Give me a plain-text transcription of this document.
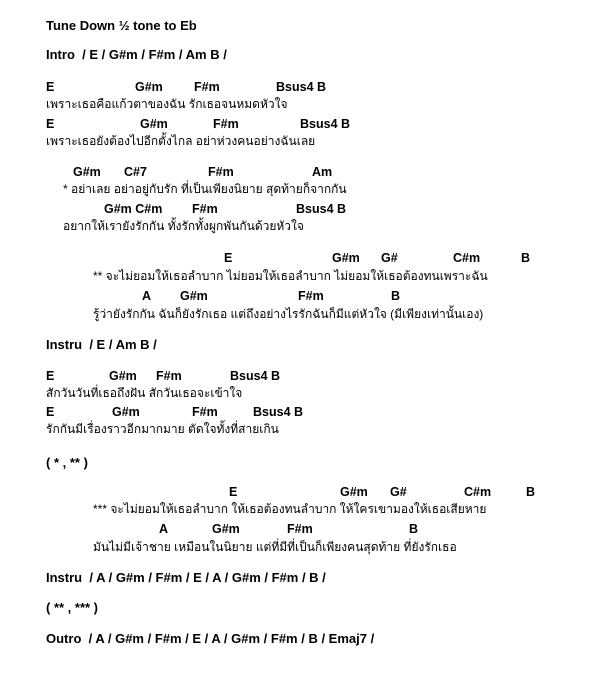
Tune Down ½ tone to Eb
Intro  / E / G#m / F#m / Am B /
E	G#m F#m	Bsus4 B
เพราะเธอคือแก้วตาของฉัน รักเธอจนหมดหัวใจ
E	G#m	F#m	Bsus4 B
เพราะเธอยังต้องไปอีกตั้งไกล อย่าห่วงคนอย่างฉันเลย
G#m C#7	F#m	Am
* อย่าเลย อย่าอยู่กับรัก ที่เป็นเพียงนิยาย สุดท้ายก็จากกัน
G#m C#m F#m	Bsus4 B
อยากให้เรายังรักกัน ทั้งรักทั้งผูกพันกันด้วยหัวใจ
E	G#m G#	C#m	B
** จะไม่ยอมให้เธอลำบาก ไม่ยอมให้เธอลำบาก ไม่ยอมให้เธอต้องทนเพราะฉัน
A G#m	F#m	B
รู้ว่ายังรักกัน ฉันก็ยังรักเธอ แต่ถึงอย่างไรรักฉันก็มีแต่หัวใจ (มีเพียงเท่านั้นเอง)
Instru  / E / Am B /
E	G#m F#m	Bsus4 B
สักวันวันที่เธอถึงฝัน สักวันเธอจะเข้าใจ
E	G#m	F#m	Bsus4 B
รักกันมีเรื่องราวอีกมากมาย ตัดใจทั้งที่สายเกิน
( * , ** )
E	G#m G#	C#m	B
*** จะไม่ยอมให้เธอลำบาก ให้เธอต้องทนลำบาก ให้ใครเขามองให้เธอเสียหาย
A	G#m	F#m	B
มันไม่มีเจ้าชาย เหมือนในนิยาย แต่ที่มีที่เป็นก็เพียงคนสุดท้าย ที่ยังรักเธอ
Instru  / A / G#m / F#m / E / A / G#m / F#m / B /
( ** , *** )
Outro  / A / G#m / F#m / E / A / G#m / F#m / B / Emaj7 /
